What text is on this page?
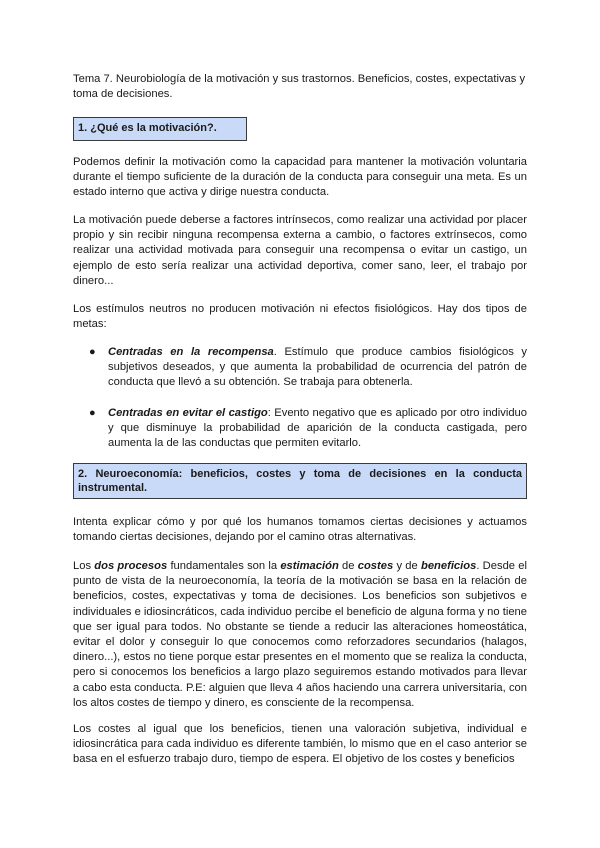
Tema 7. Neurobiología de la motivación y sus trastornos. Beneficios, costes, expectativas y toma de decisiones.

1. ¿Qué es la motivación?.

Podemos definir la motivación como la capacidad para mantener la motivación voluntaria durante el tiempo suficiente de la duración de la conducta para conseguir una meta. Es un estado interno que activa y dirige nuestra conducta.

La motivación puede deberse a factores intrínsecos, como realizar una actividad por placer propio y sin recibir ninguna recompensa externa a cambio, o factores extrínsecos, como realizar una actividad motivada para conseguir una recompensa o evitar un castigo, un ejemplo de esto sería realizar una actividad deportiva, comer sano, leer, el trabajo por dinero...

Los estímulos neutros no producen motivación ni efectos fisiológicos. Hay dos tipos de metas:

● Centradas en la recompensa. Estímulo que produce cambios fisiológicos y subjetivos deseados, y que aumenta la probabilidad de ocurrencia del patrón de conducta que llevó a su obtención. Se trabaja para obtenerla.
● Centradas en evitar el castigo: Evento negativo que es aplicado por otro individuo y que disminuye la probabilidad de aparición de la conducta castigada, pero aumenta la de las conductas que permiten evitarlo.
2. Neuroeconomía: beneficios, costes y toma de decisiones en la conducta instrumental.

Intenta explicar cómo y por qué los humanos tomamos ciertas decisiones y actuamos tomando ciertas decisiones, dejando por el camino otras alternativas.

Los dos procesos fundamentales son la estimación de costes y de beneficios. Desde el punto de vista de la neuroeconomía, la teoría de la motivación se basa en la relación de beneficios, costes, expectativas y toma de decisiones. Los beneficios son subjetivos e individuales e idiosincráticos, cada individuo percibe el beneficio de alguna forma y no tiene que ser igual para todos. No obstante se tiende a reducir las alteraciones homeostática, evitar el dolor y conseguir lo que conocemos como reforzadores secundarios (halagos, dinero...), estos no tiene porque estar presentes en el momento que se realiza la conducta, pero si conocemos los beneficios a largo plazo seguiremos estando motivados para llevar a cabo esta conducta. P.E: alguien que lleva 4 años haciendo una carrera universitaria, con los altos costes de tiempo y dinero, es consciente de la recompensa.

Los costes al igual que los beneficios, tienen una valoración subjetiva, individual e idiosincrática para cada individuo es diferente también, lo mismo que en el caso anterior se basa en el esfuerzo trabajo duro, tiempo de espera. El objetivo de los costes y beneficios
